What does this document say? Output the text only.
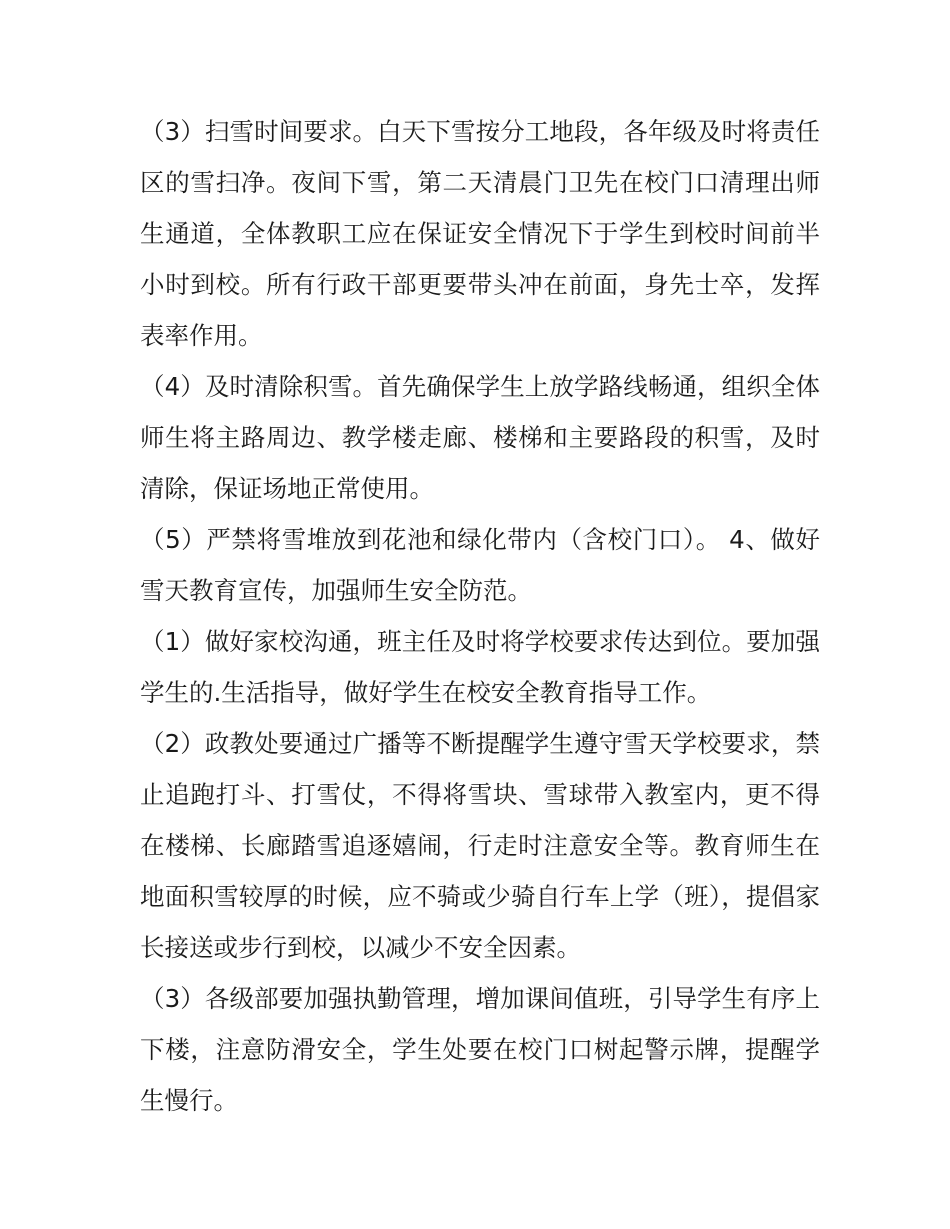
（3）扫雪时间要求。白天下雪按分工地段，各年级及时将责任区的雪扫净。夜间下雪，第二天清晨门卫先在校门口清理出师生通道，全体教职工应在保证安全情况下于学生到校时间前半小时到校。所有行政干部更要带头冲在前面，身先士卒，发挥表率作用。

（4）及时清除积雪。首先确保学生上放学路线畅通，组织全体师生将主路周边、教学楼走廊、楼梯和主要路段的积雪，及时清除，保证场地正常使用。

（5）严禁将雪堆放到花池和绿化带内（含校门口）。 4、做好雪天教育宣传，加强师生安全防范。

（1）做好家校沟通，班主任及时将学校要求传达到位。要加强学生的.生活指导，做好学生在校安全教育指导工作。

（2）政教处要通过广播等不断提醒学生遵守雪天学校要求，禁止追跑打斗、打雪仗，不得将雪块、雪球带入教室内，更不得在楼梯、长廊踏雪追逐嬉闹，行走时注意安全等。教育师生在地面积雪较厚的时候，应不骑或少骑自行车上学（班），提倡家长接送或步行到校，以减少不安全因素。

（3）各级部要加强执勤管理，增加课间值班，引导学生有序上下楼，注意防滑安全，学生处要在校门口树起警示牌，提醒学生慢行。
